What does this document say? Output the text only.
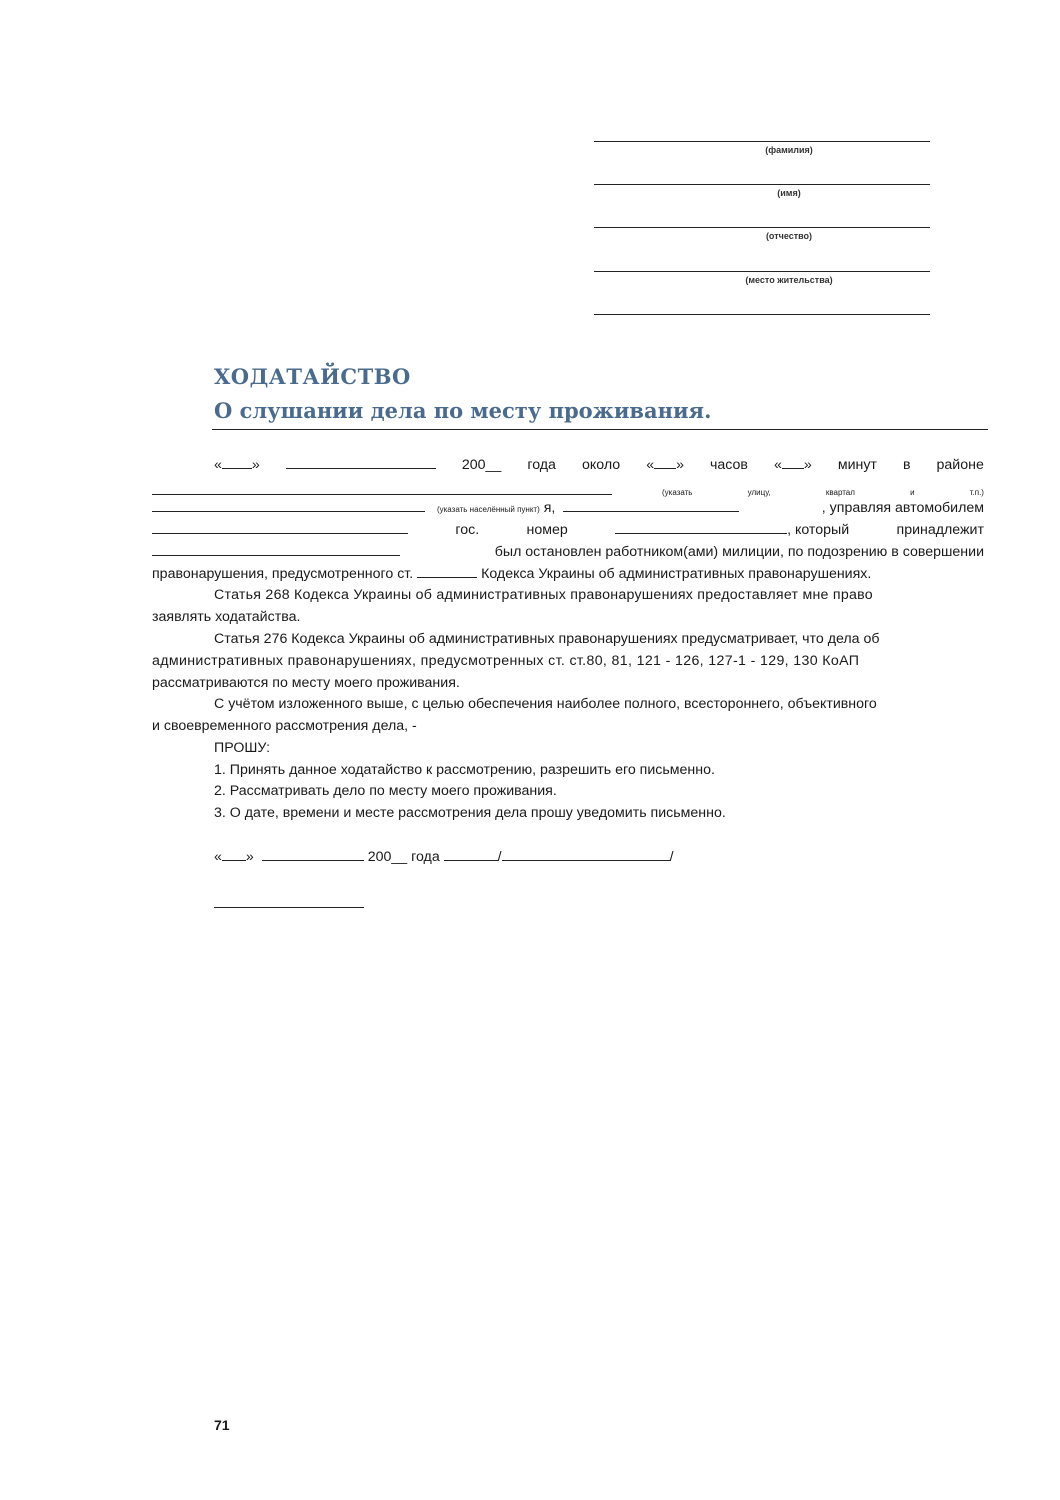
(фамилия)
(имя)
(отчество)
(место жительства)
ХОДАТАЙСТВО
О слушании дела по месту проживания.
« »	200__ года около « » часов « » минут в районе
(указать	улицу,	квартал	и	т.п.)
(указать населённый пункт) я,	, управляя автомобилем
гос.	номер	, который	принадлежит
был остановлен работником(ами) милиции, по подозрению в совершении
правонарушения, предусмотренного ст.	Кодекса Украины об административных правонарушениях.
Статья 268 Кодекса Украины об административных правонарушениях предоставляет мне право
заявлять ходатайства.
Статья 276 Кодекса Украины об административных правонарушениях предусматривает, что дела об
административных правонарушениях, предусмотренных ст. ст.80, 81, 121 - 126, 127-1 - 129, 130 КоАП
рассматриваются по месту моего проживания.
С учётом изложенного выше, с целью обеспечения наиболее полного, всестороннего, объективного
и своевременного рассмотрения дела, -
ПРОШУ:
1. Принять данное ходатайство к рассмотрению, разрешить его письменно.
2. Рассматривать дело по месту моего проживания.
3. О дате, времени и месте рассмотрения дела прошу уведомить письменно.
« »	200__ года	/	/
71
